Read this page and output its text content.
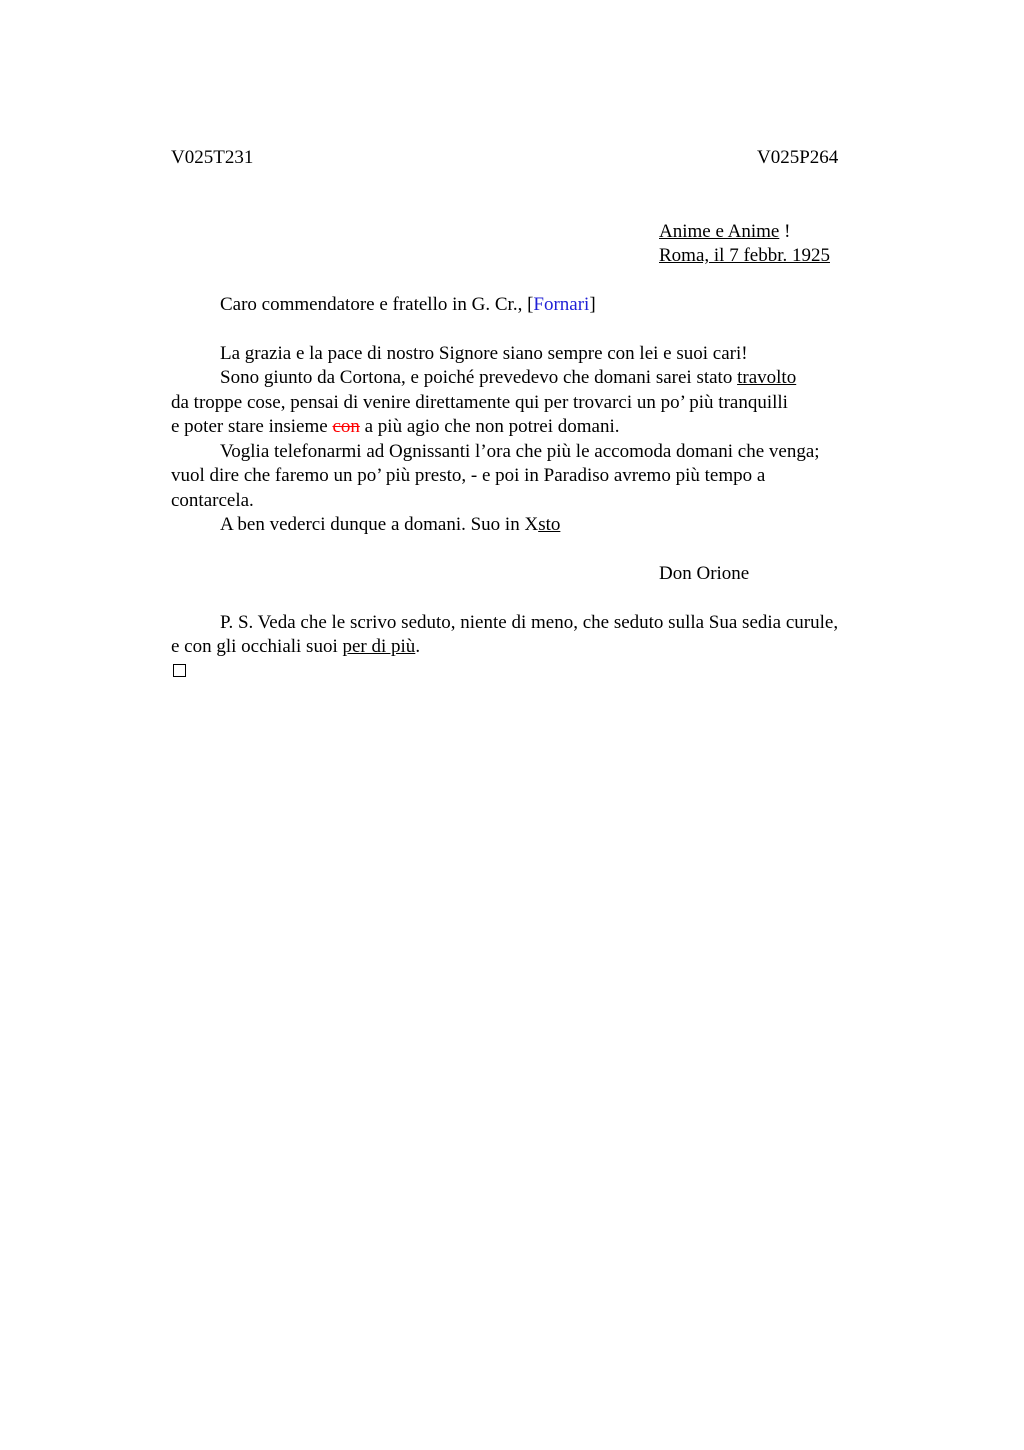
V025T231	V025P264
Anime e Anime !
Roma, il 7 febbr. 1925
Caro commendatore e fratello in G. Cr., [Fornari]
La grazia e la pace di nostro Signore siano sempre con lei e suoi cari!
Sono giunto da Cortona, e poiché prevedevo che domani sarei stato travolto
da troppe cose, pensai di venire direttamente qui per trovarci un po’ più tranquilli
e poter stare insieme con a più agio che non potrei domani.
Voglia telefonarmi ad Ognissanti l’ora che più le accomoda domani che venga;
vuol dire che faremo un po’ più presto, - e poi in Paradiso avremo più tempo a
contarcela.
A ben vederci dunque a domani. Suo in Xsto
Don Orione
P. S. Veda che le scrivo seduto, niente di meno, che seduto sulla Sua sedia curule,
e con gli occhiali suoi per di più.
